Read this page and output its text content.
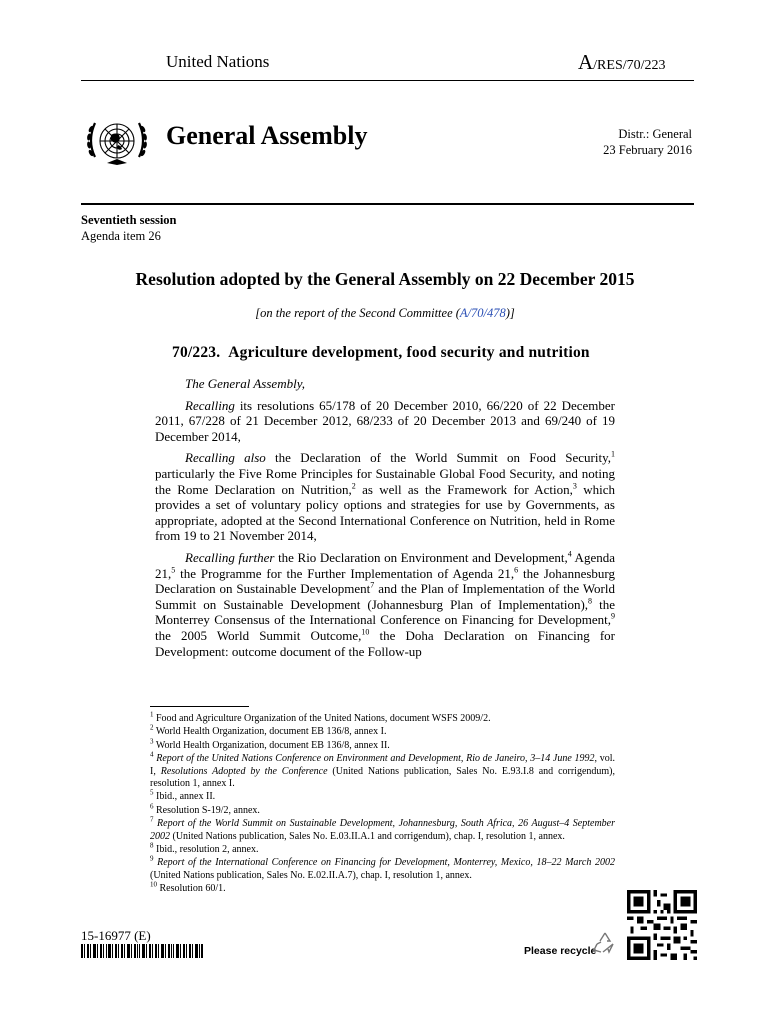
United Nations	A/RES/70/223
General Assembly	Distr.: General
23 February 2016
Seventieth session
Agenda item 26
Resolution adopted by the General Assembly on 22 December 2015
[on the report of the Second Committee (A/70/478)]
70/223. Agriculture development, food security and nutrition

The General Assembly,

Recalling its resolutions 65/178 of 20 December 2010, 66/220 of 22 December 2011, 67/228 of 21 December 2012, 68/233 of 20 December 2013 and 69/240 of 19 December 2014,

Recalling also the Declaration of the World Summit on Food Security,$^1$ particularly the Five Rome Principles for Sustainable Global Food Security, and noting the Rome Declaration on Nutrition,$^2$ as well as the Framework for Action,$^3$ which provides a set of voluntary policy options and strategies for use by Governments, as appropriate, adopted at the Second International Conference on Nutrition, held in Rome from 19 to 21 November 2014,

Recalling further the Rio Declaration on Environment and Development,$^4$ Agenda 21,$^5$ the Programme for the Further Implementation of Agenda 21,$^6$ the Johannesburg Declaration on Sustainable Development$^7$ and the Plan of Implementation of the World Summit on Sustainable Development (Johannesburg Plan of Implementation),$^8$ the Monterrey Consensus of the International Conference on Financing for Development,$^9$ the 2005 World Summit Outcome,$^{10}$ the Doha Declaration on Financing for Development: outcome document of the Follow-up

$^1$ Food and Agriculture Organization of the United Nations, document WSFS 2009/2.
$^2$ World Health Organization, document EB 136/8, annex I.
$^3$ World Health Organization, document EB 136/8, annex II.
$^4$ Report of the United Nations Conference on Environment and Development, Rio de Janeiro, 3–14 June 1992, vol. I, Resolutions Adopted by the Conference (United Nations publication, Sales No. E.93.I.8 and corrigendum), resolution 1, annex I.
$^5$ Ibid., annex II.
$^6$ Resolution S-19/2, annex.
$^7$ Report of the World Summit on Sustainable Development, Johannesburg, South Africa, 26 August–4 September 2002 (United Nations publication, Sales No. E.03.II.A.1 and corrigendum), chap. I, resolution 1, annex.
$^8$ Ibid., resolution 2, annex.
$^9$ Report of the International Conference on Financing for Development, Monterrey, Mexico, 18–22 March 2002 (United Nations publication, Sales No. E.02.II.A.7), chap. I, resolution 1, annex.
$^{10}$ Resolution 60/1.
15-16977 (E)
Please recycle
